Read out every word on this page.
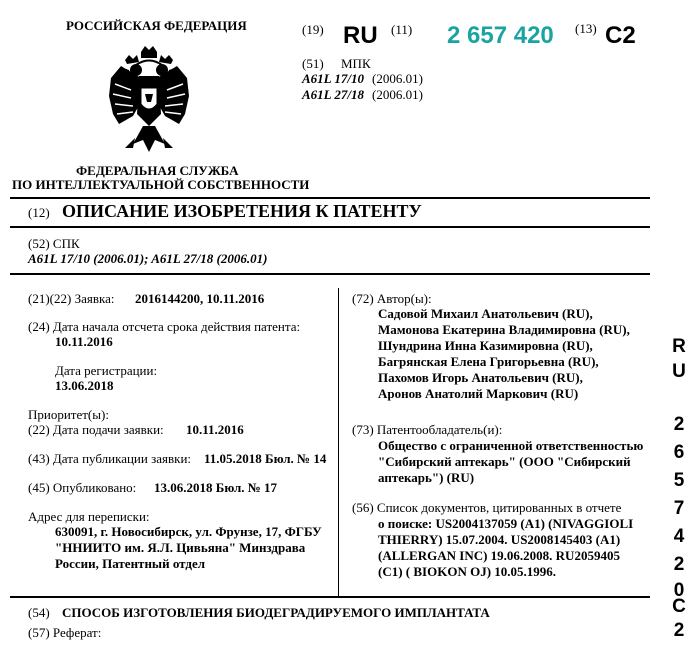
РОССИЙСКАЯ ФЕДЕРАЦИЯ
ФЕДЕРАЛЬНАЯ СЛУЖБА
ПО ИНТЕЛЛЕКТУАЛЬНОЙ СОБСТВЕННОСТИ
(19) RU (11) 2 657 420 (13) C2
(51) МПК
A61L 17/10 (2006.01)
A61L 27/18 (2006.01)
(12) ОПИСАНИЕ ИЗОБРЕТЕНИЯ К ПАТЕНТУ
(52) СПК
A61L 17/10 (2006.01); A61L 27/18 (2006.01)
(21)(22) Заявка: 2016144200, 10.11.2016
(24) Дата начала отсчета срока действия патента:
10.11.2016
Дата регистрации:
13.06.2018
Приоритет(ы):
(22) Дата подачи заявки: 10.11.2016
(43) Дата публикации заявки: 11.05.2018 Бюл. № 14
(45) Опубликовано: 13.06.2018 Бюл. № 17
Адрес для переписки:
630091, г. Новосибирск, ул. Фрунзе, 17, ФГБУ
"ННИИТО им. Я.Л. Цивьяна" Минздрава
России, Патентный отдел
(72) Автор(ы):
Садовой Михаил Анатольевич (RU),
Мамонова Екатерина Владимировна (RU),
Шундрина Инна Казимировна (RU),
Багрянская Елена Григорьевна (RU),
Пахомов Игорь Анатольевич (RU),
Аронов Анатолий Маркович (RU)
(73) Патентообладатель(и):
Общество с ограниченной ответственностью
"Сибирский аптекарь" (ООО "Сибирский
аптекарь") (RU)
(56) Список документов, цитированных в отчете
о поиске: US2004137059 (A1) (NIVAGGIOLI
THIERRY) 15.07.2004. US2008145403 (A1)
(ALLERGAN INC) 19.06.2008. RU2059405
(C1) ( BIOKON OJ) 10.05.1996.
(54) СПОСОБ ИЗГОТОВЛЕНИЯ БИОДЕГРАДИРУЕМОГО ИМПЛАНТАТА
(57) Реферат:
R
U
2
6
5
7
4
2
0
C
2
